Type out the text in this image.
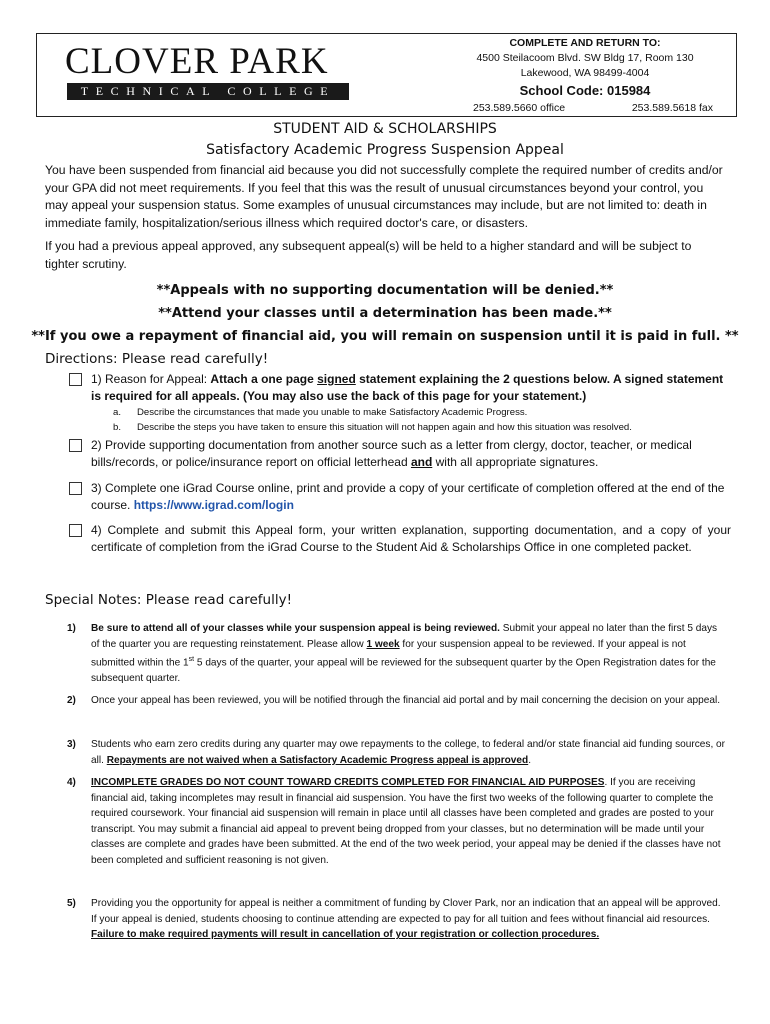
CLOVER PARK
TECHNICAL COLLEGE
COMPLETE AND RETURN TO:
4500 Steilacoom Blvd. SW Bldg 17, Room 130
Lakewood, WA 98499-4004
School Code: 015984
253.589.5660 office	253.589.5618 fax
STUDENT AID & SCHOLARSHIPS
Satisfactory Academic Progress Suspension Appeal
You have been suspended from financial aid because you did not successfully complete the required number of credits and/or your GPA did not meet requirements. If you feel that this was the result of unusual circumstances beyond your control, you may appeal your suspension status. Some examples of unusual circumstances may include, but are not limited to: death in immediate family, hospitalization/serious illness which required doctor's care, or disasters.
If you had a previous appeal approved, any subsequent appeal(s) will be held to a higher standard and will be subject to tighter scrutiny.
**Appeals with no supporting documentation will be denied.**
**Attend your classes until a determination has been made.**
**If you owe a repayment of financial aid, you will remain on suspension until it is paid in full. **
Directions: Please read carefully!
1) Reason for Appeal: Attach a one page signed statement explaining the 2 questions below. A signed statement is required for all appeals. (You may also use the back of this page for your statement.)
a. Describe the circumstances that made you unable to make Satisfactory Academic Progress.
b. Describe the steps you have taken to ensure this situation will not happen again and how this situation was resolved.
2) Provide supporting documentation from another source such as a letter from clergy, doctor, teacher, or medical bills/records, or police/insurance report on official letterhead and with all appropriate signatures.
3) Complete one iGrad Course online, print and provide a copy of your certificate of completion offered at the end of the course. https://www.igrad.com/login
4) Complete and submit this Appeal form, your written explanation, supporting documentation, and a copy of your certificate of completion from the iGrad Course to the Student Aid & Scholarships Office in one completed packet.
Special Notes: Please read carefully!
1) Be sure to attend all of your classes while your suspension appeal is being reviewed. Submit your appeal no later than the first 5 days of the quarter you are requesting reinstatement. Please allow 1 week for your suspension appeal to be reviewed. If your appeal is not submitted within the 1st 5 days of the quarter, your appeal will be reviewed for the subsequent quarter by the Open Registration dates for the subsequent quarter.
2) Once your appeal has been reviewed, you will be notified through the financial aid portal and by mail concerning the decision on your appeal.
3) Students who earn zero credits during any quarter may owe repayments to the college, to federal and/or state financial aid funding sources, or all. Repayments are not waived when a Satisfactory Academic Progress appeal is approved.
4) INCOMPLETE GRADES DO NOT COUNT TOWARD CREDITS COMPLETED FOR FINANCIAL AID PURPOSES. If you are receiving financial aid, taking incompletes may result in financial aid suspension. You have the first two weeks of the following quarter to complete the required coursework. Your financial aid suspension will remain in place until all classes have been completed and grades are posted to your transcript. You may submit a financial aid appeal to prevent being dropped from your classes, but no determination will be made until your classes are complete and grades have been submitted. At the end of the two week period, your appeal may be denied if the classes have not been completed and sufficient reasoning is not given.
5) Providing you the opportunity for appeal is neither a commitment of funding by Clover Park, nor an indication that an appeal will be approved. If your appeal is denied, students choosing to continue attending are expected to pay for all tuition and fees without financial aid resources. Failure to make required payments will result in cancellation of your registration or collection procedures.
